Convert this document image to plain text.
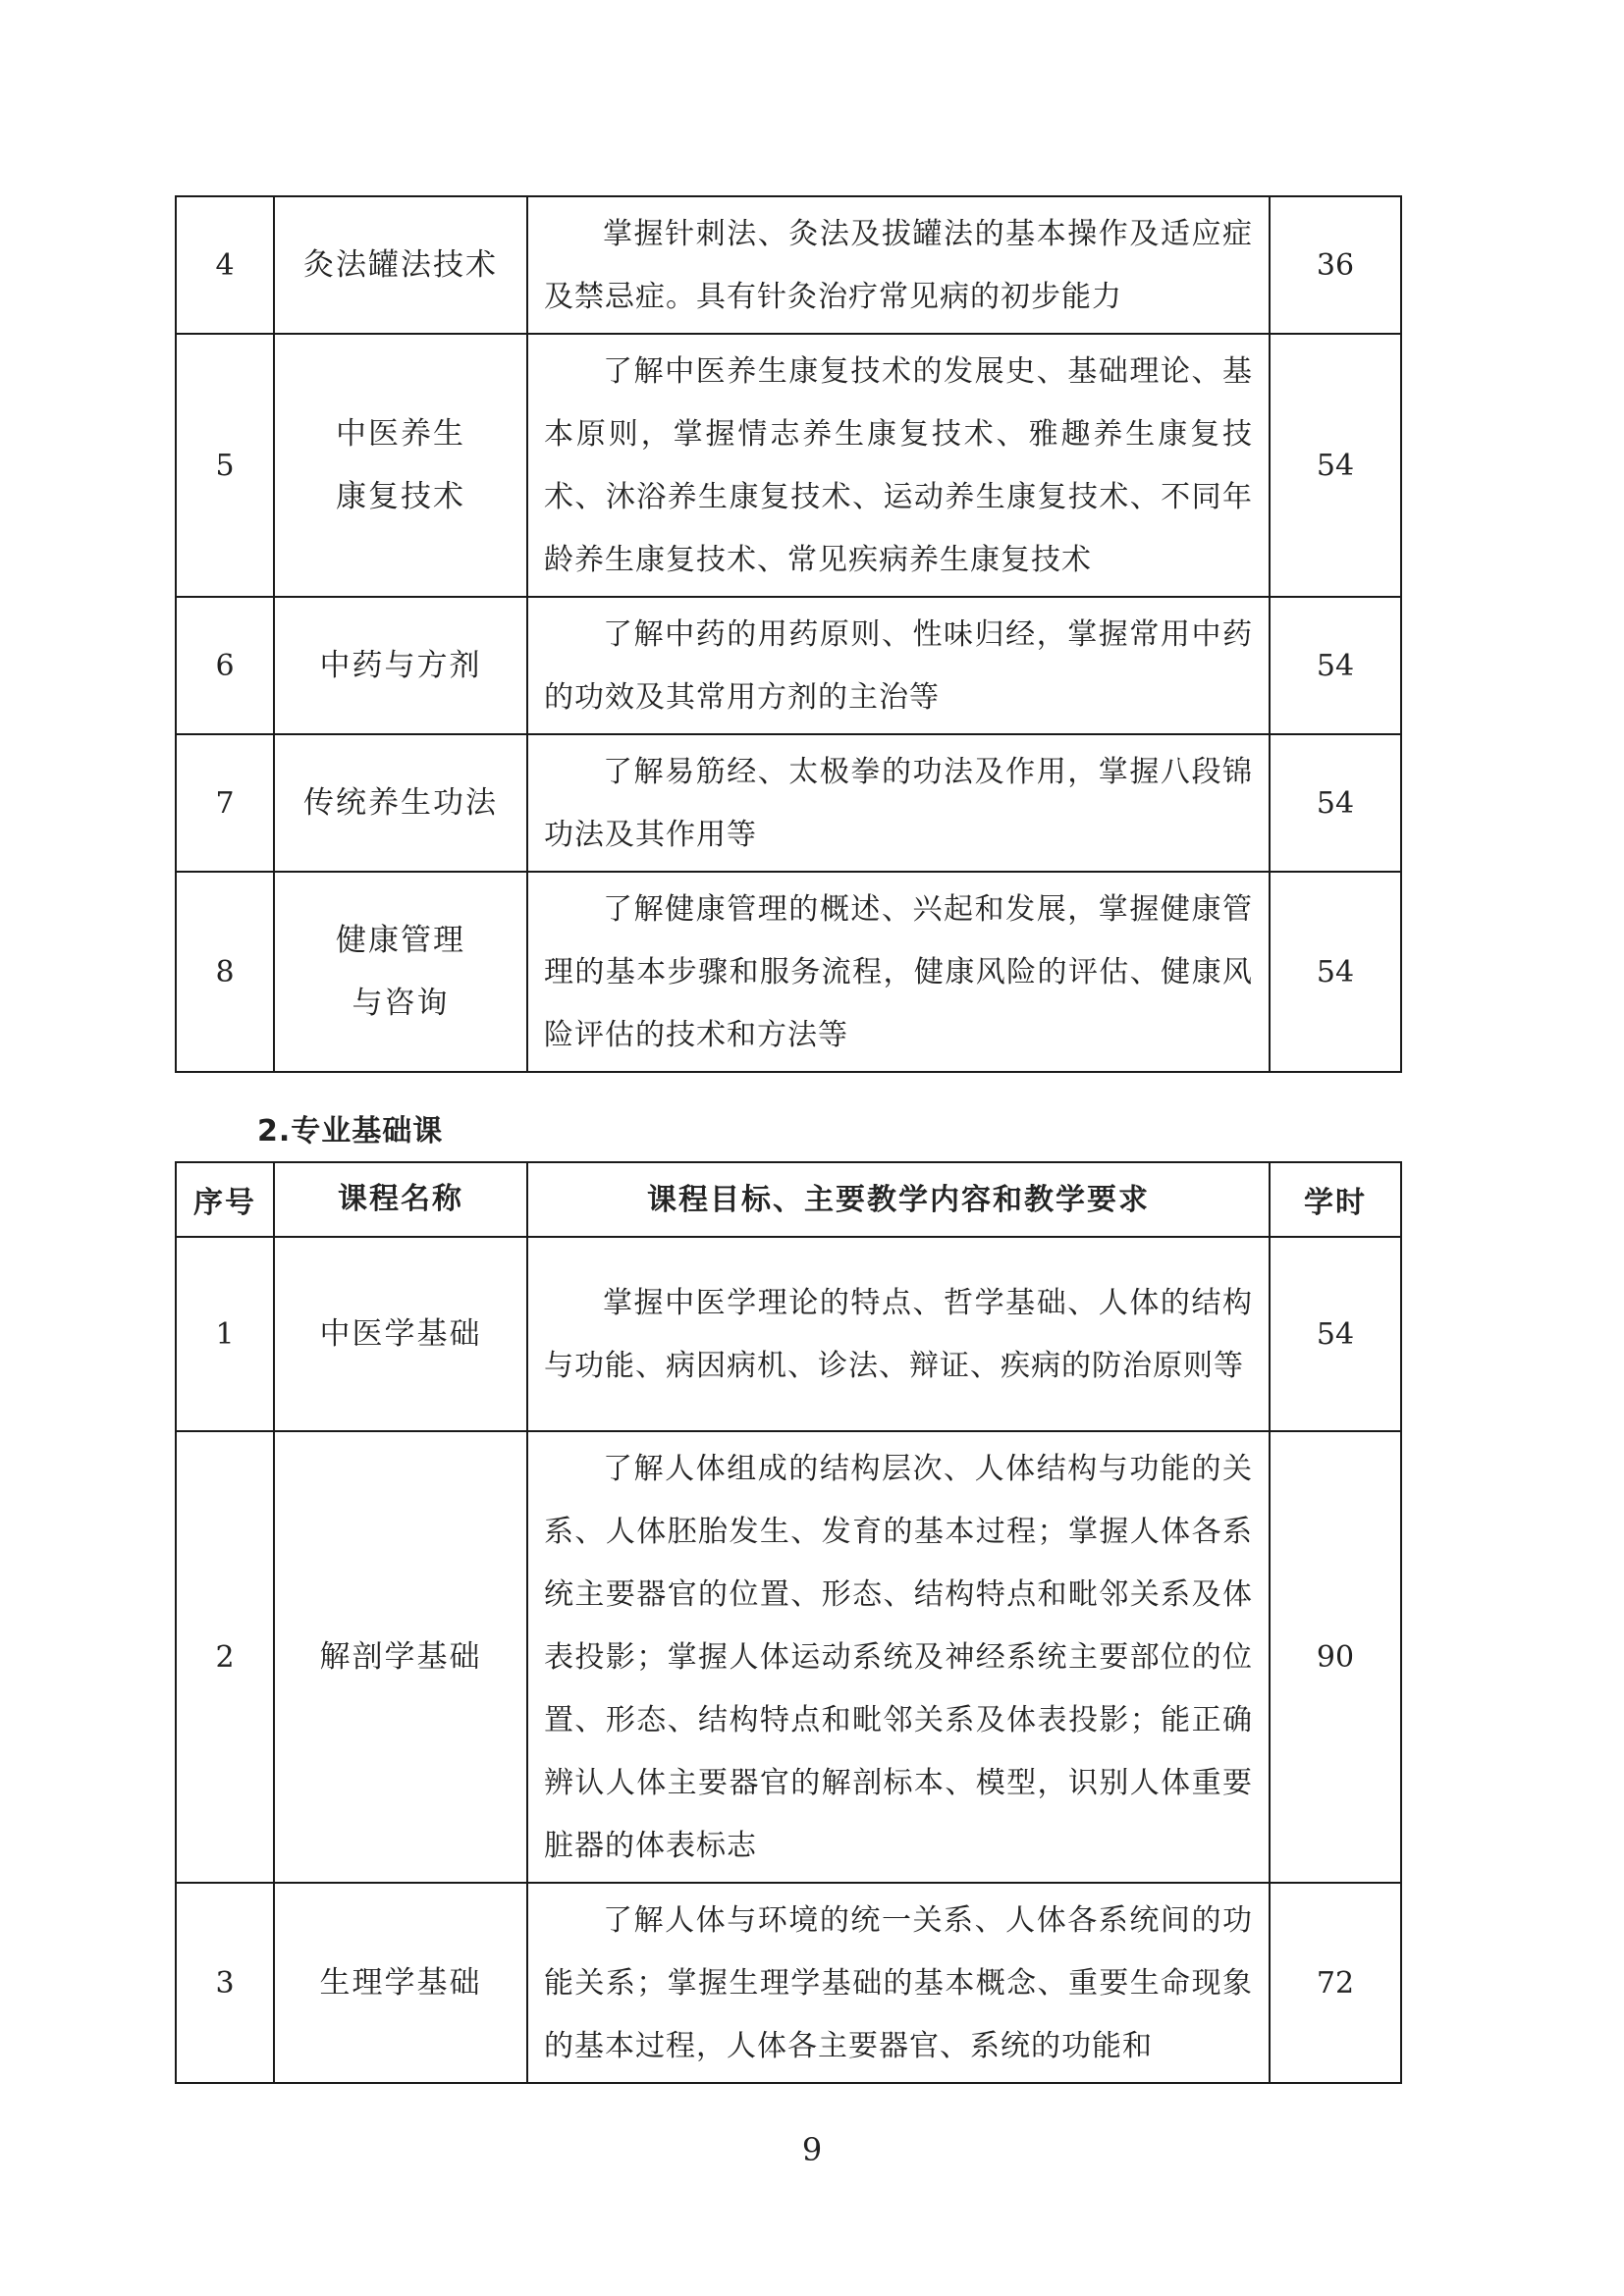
4	灸法罐法技术	掌握针刺法、灸法及拔罐法的基本操作及适应症及禁忌症。具有针灸治疗常见病的初步能力	36
5	中医养生康复技术	了解中医养生康复技术的发展史、基础理论、基本原则，掌握情志养生康复技术、雅趣养生康复技术、沐浴养生康复技术、运动养生康复技术、不同年龄养生康复技术、常见疾病养生康复技术	54
6	中药与方剂	了解中药的用药原则、性味归经，掌握常用中药的功效及其常用方剂的主治等	54
7	传统养生功法	了解易筋经、太极拳的功法及作用，掌握八段锦功法及其作用等	54
8	健康管理与咨询	了解健康管理的概述、兴起和发展，掌握健康管理的基本步骤和服务流程，健康风险的评估、健康风险评估的技术和方法等	54
2.专业基础课
序号	课程名称	课程目标、主要教学内容和教学要求	学时
1	中医学基础	掌握中医学理论的特点、哲学基础、人体的结构与功能、病因病机、诊法、辩证、疾病的防治原则等	54
2	解剖学基础	了解人体组成的结构层次、人体结构与功能的关系、人体胚胎发生、发育的基本过程；掌握人体各系统主要器官的位置、形态、结构特点和毗邻关系及体表投影；掌握人体运动系统及神经系统主要部位的位置、形态、结构特点和毗邻关系及体表投影；能正确辨认人体主要器官的解剖标本、模型，识别人体重要脏器的体表标志	90
3	生理学基础	了解人体与环境的统一关系、人体各系统间的功能关系；掌握生理学基础的基本概念、重要生命现象的基本过程，人体各主要器官、系统的功能和	72
9
